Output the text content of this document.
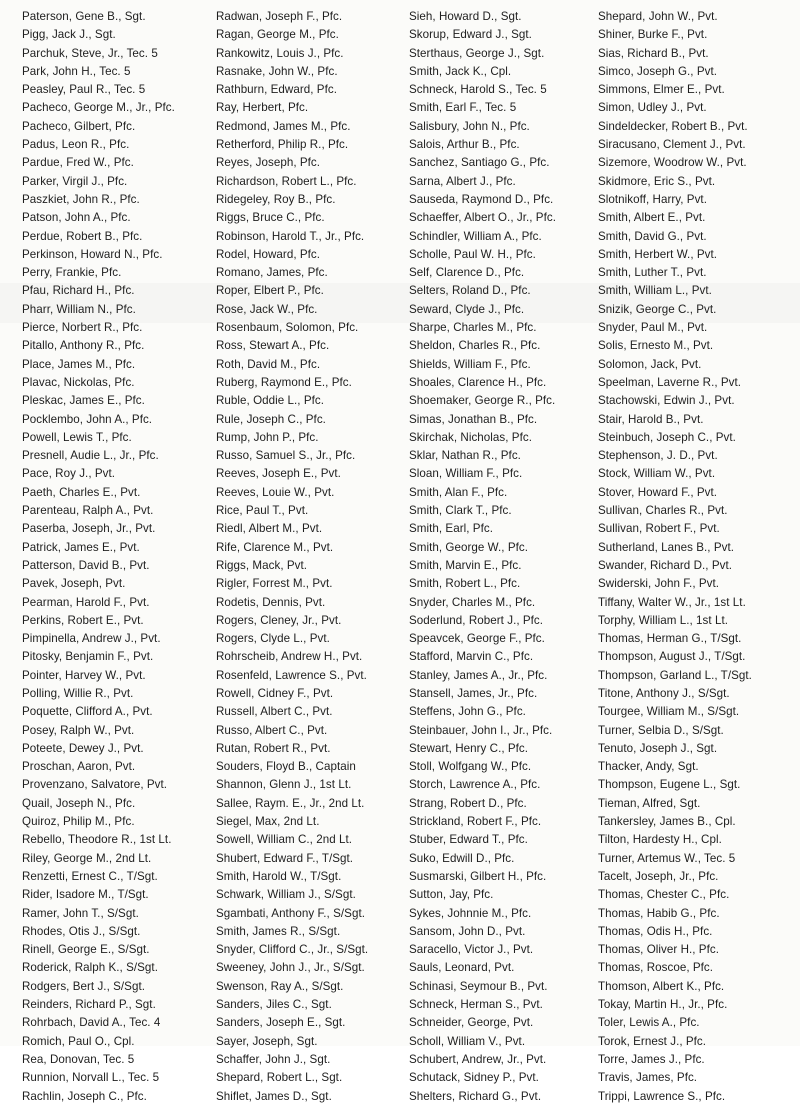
Paterson, Gene B., Sgt.
Pigg, Jack J., Sgt.
Parchuk, Steve, Jr., Tec. 5
Park, John H., Tec. 5
Peasley, Paul R., Tec. 5
Pacheco, George M., Jr., Pfc.
Pacheco, Gilbert, Pfc.
Padus, Leon R., Pfc.
Pardue, Fred W., Pfc.
Parker, Virgil J., Pfc.
Paszkiet, John R., Pfc.
Patson, John A., Pfc.
Perdue, Robert B., Pfc.
Perkinson, Howard N., Pfc.
Perry, Frankie, Pfc.
Pfau, Richard H., Pfc.
Pharr, William N., Pfc.
Pierce, Norbert R., Pfc.
Pitallo, Anthony R., Pfc.
Place, James M., Pfc.
Plavac, Nickolas, Pfc.
Pleskac, James E., Pfc.
Pocklembo, John A., Pfc.
Powell, Lewis T., Pfc.
Presnell, Audie L., Jr., Pfc.
Pace, Roy J., Pvt.
Paeth, Charles E., Pvt.
Parenteau, Ralph A., Pvt.
Paserba, Joseph, Jr., Pvt.
Patrick, James E., Pvt.
Patterson, David B., Pvt.
Pavek, Joseph, Pvt.
Pearman, Harold F., Pvt.
Perkins, Robert E., Pvt.
Pimpinella, Andrew J., Pvt.
Pitosky, Benjamin F., Pvt.
Pointer, Harvey W., Pvt.
Polling, Willie R., Pvt.
Poquette, Clifford A., Pvt.
Posey, Ralph W., Pvt.
Poteete, Dewey J., Pvt.
Proschan, Aaron, Pvt.
Provenzano, Salvatore, Pvt.
Quail, Joseph N., Pfc.
Quiroz, Philip M., Pfc.
Rebello, Theodore R., 1st Lt.
Riley, George M., 2nd Lt.
Renzetti, Ernest C., T/Sgt.
Rider, Isadore M., T/Sgt.
Ramer, John T., S/Sgt.
Rhodes, Otis J., S/Sgt.
Rinell, George E., S/Sgt.
Roderick, Ralph K., S/Sgt.
Rodgers, Bert J., S/Sgt.
Reinders, Richard P., Sgt.
Rohrbach, David A., Tec. 4
Romich, Paul O., Cpl.
Rea, Donovan, Tec. 5
Runnion, Norvall L., Tec. 5
Rachlin, Joseph C., Pfc.
Radwan, Joseph F., Pfc.
Ragan, George M., Pfc.
Rankowitz, Louis J., Pfc.
Rasnake, John W., Pfc.
Rathburn, Edward, Pfc.
Ray, Herbert, Pfc.
Redmond, James M., Pfc.
Retherford, Philip R., Pfc.
Reyes, Joseph, Pfc.
Richardson, Robert L., Pfc.
Ridegeley, Roy B., Pfc.
Riggs, Bruce C., Pfc.
Robinson, Harold T., Jr., Pfc.
Rodel, Howard, Pfc.
Romano, James, Pfc.
Roper, Elbert P., Pfc.
Rose, Jack W., Pfc.
Rosenbaum, Solomon, Pfc.
Ross, Stewart A., Pfc.
Roth, David M., Pfc.
Ruberg, Raymond E., Pfc.
Ruble, Oddie L., Pfc.
Rule, Joseph C., Pfc.
Rump, John P., Pfc.
Russo, Samuel S., Jr., Pfc.
Reeves, Joseph E., Pvt.
Reeves, Louie W., Pvt.
Rice, Paul T., Pvt.
Riedl, Albert M., Pvt.
Rife, Clarence M., Pvt.
Riggs, Mack, Pvt.
Rigler, Forrest M., Pvt.
Rodetis, Dennis, Pvt.
Rogers, Cleney, Jr., Pvt.
Rogers, Clyde L., Pvt.
Rohrscheib, Andrew H., Pvt.
Rosenfeld, Lawrence S., Pvt.
Rowell, Cidney F., Pvt.
Russell, Albert C., Pvt.
Russo, Albert C., Pvt.
Rutan, Robert R., Pvt.
Souders, Floyd B., Captain
Shannon, Glenn J., 1st Lt.
Sallee, Raym. E., Jr., 2nd Lt.
Siegel, Max, 2nd Lt.
Sowell, William C., 2nd Lt.
Shubert, Edward F., T/Sgt.
Smith, Harold W., T/Sgt.
Schwark, William J., S/Sgt.
Sgambati, Anthony F., S/Sgt.
Smith, James R., S/Sgt.
Snyder, Clifford C., Jr., S/Sgt.
Sweeney, John J., Jr., S/Sgt.
Swenson, Ray A., S/Sgt.
Sanders, Jiles C., Sgt.
Sanders, Joseph E., Sgt.
Sayer, Joseph, Sgt.
Schaffer, John J., Sgt.
Shepard, Robert L., Sgt.
Shiflet, James D., Sgt.
Sieh, Howard D., Sgt.
Skorup, Edward J., Sgt.
Sterthaus, George J., Sgt.
Smith, Jack K., Cpl.
Schneck, Harold S., Tec. 5
Smith, Earl F., Tec. 5
Salisbury, John N., Pfc.
Salois, Arthur B., Pfc.
Sanchez, Santiago G., Pfc.
Sarna, Albert J., Pfc.
Sauseda, Raymond D., Pfc.
Schaeffer, Albert O., Jr., Pfc.
Schindler, William A., Pfc.
Scholle, Paul W. H., Pfc.
Self, Clarence D., Pfc.
Selters, Roland D., Pfc.
Seward, Clyde J., Pfc.
Sharpe, Charles M., Pfc.
Sheldon, Charles R., Pfc.
Shields, William F., Pfc.
Shoales, Clarence H., Pfc.
Shoemaker, George R., Pfc.
Simas, Jonathan B., Pfc.
Skirchak, Nicholas, Pfc.
Sklar, Nathan R., Pfc.
Sloan, William F., Pfc.
Smith, Alan F., Pfc.
Smith, Clark T., Pfc.
Smith, Earl, Pfc.
Smith, George W., Pfc.
Smith, Marvin E., Pfc.
Smith, Robert L., Pfc.
Snyder, Charles M., Pfc.
Soderlund, Robert J., Pfc.
Speavcek, George F., Pfc.
Stafford, Marvin C., Pfc.
Stanley, James A., Jr., Pfc.
Stansell, James, Jr., Pfc.
Steffens, John G., Pfc.
Steinbauer, John I., Jr., Pfc.
Stewart, Henry C., Pfc.
Stoll, Wolfgang W., Pfc.
Storch, Lawrence A., Pfc.
Strang, Robert D., Pfc.
Strickland, Robert F., Pfc.
Stuber, Edward T., Pfc.
Suko, Edwill D., Pfc.
Susmarski, Gilbert H., Pfc.
Sutton, Jay, Pfc.
Sykes, Johnnie M., Pfc.
Sansom, John D., Pvt.
Saracello, Victor J., Pvt.
Sauls, Leonard, Pvt.
Schinasi, Seymour B., Pvt.
Schneck, Herman S., Pvt.
Schneider, George, Pvt.
Scholl, William V., Pvt.
Schubert, Andrew, Jr., Pvt.
Schutack, Sidney P., Pvt.
Shelters, Richard G., Pvt.
Shepard, John W., Pvt.
Shiner, Burke F., Pvt.
Sias, Richard B., Pvt.
Simco, Joseph G., Pvt.
Simmons, Elmer E., Pvt.
Simon, Udley J., Pvt.
Sindeldecker, Robert B., Pvt.
Siracusano, Clement J., Pvt.
Sizemore, Woodrow W., Pvt.
Skidmore, Eric S., Pvt.
Slotnikoff, Harry, Pvt.
Smith, Albert E., Pvt.
Smith, David G., Pvt.
Smith, Herbert W., Pvt.
Smith, Luther T., Pvt.
Smith, William L., Pvt.
Snizik, George C., Pvt.
Snyder, Paul M., Pvt.
Solis, Ernesto M., Pvt.
Solomon, Jack, Pvt.
Speelman, Laverne R., Pvt.
Stachowski, Edwin J., Pvt.
Stair, Harold B., Pvt.
Steinbuch, Joseph C., Pvt.
Stephenson, J. D., Pvt.
Stock, William W., Pvt.
Stover, Howard F., Pvt.
Sullivan, Charles R., Pvt.
Sullivan, Robert F., Pvt.
Sutherland, Lanes B., Pvt.
Swander, Richard D., Pvt.
Swiderski, John F., Pvt.
Tiffany, Walter W., Jr., 1st Lt.
Torphy, William L., 1st Lt.
Thomas, Herman G., T/Sgt.
Thompson, August J., T/Sgt.
Thompson, Garland L., T/Sgt.
Titone, Anthony J., S/Sgt.
Tourgee, William M., S/Sgt.
Turner, Selbia D., S/Sgt.
Tenuto, Joseph J., Sgt.
Thacker, Andy, Sgt.
Thompson, Eugene L., Sgt.
Tieman, Alfred, Sgt.
Tankersley, James B., Cpl.
Tilton, Hardesty H., Cpl.
Turner, Artemus W., Tec. 5
Tacelt, Joseph, Jr., Pfc.
Thomas, Chester C., Pfc.
Thomas, Habib G., Pfc.
Thomas, Odis H., Pfc.
Thomas, Oliver H., Pfc.
Thomas, Roscoe, Pfc.
Thomson, Albert K., Pfc.
Tokay, Martin H., Jr., Pfc.
Toler, Lewis A., Pfc.
Torok, Ernest J., Pfc.
Torre, James J., Pfc.
Travis, James, Pfc.
Trippi, Lawrence S., Pfc.
